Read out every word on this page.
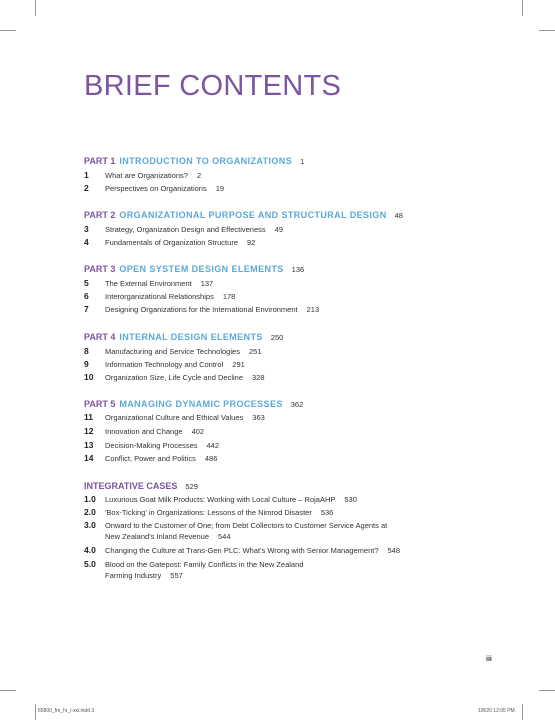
BRIEF CONTENTS
PART 1 INTRODUCTION TO ORGANIZATIONS 1
1 What are Organizations? 2
2 Perspectives on Organizations 19
PART 2 ORGANIZATIONAL PURPOSE AND STRUCTURAL DESIGN 48
3 Strategy, Organization Design and Effectiveness 49
4 Fundamentals of Organization Structure 92
PART 3 OPEN SYSTEM DESIGN ELEMENTS 136
5 The External Environment 137
6 Interorganizational Relationships 178
7 Designing Organizations for the International Environment 213
PART 4 INTERNAL DESIGN ELEMENTS 250
8 Manufacturing and Service Technologies 251
9 Information Technology and Control 291
10 Organization Size, Life Cycle and Decline 328
PART 5 MANAGING DYNAMIC PROCESSES 362
11 Organizational Culture and Ethical Values 363
12 Innovation and Change 402
13 Decision-Making Processes 442
14 Conflict, Power and Politics 486
INTEGRATIVE CASES 529
1.0 Luxurious Goat Milk Products: Working with Local Culture – RojaAHP 530
2.0 'Box-Ticking' in Organizations: Lessons of the Nimrod Disaster 536
3.0 Onward to the Customer of One; from Debt Collectors to Customer Service Agents at
New Zealand's Inland Revenue 544
4.0 Changing the Culture at Trans-Gen PLC: What's Wrong with Senior Management? 548
5.0 Blood on the Gatepost: Family Conflicts in the New Zealand
Farming Industry 557
iii
65800_fm_hr_i-xxi.indd 3	1/8/20 12:05 PM
